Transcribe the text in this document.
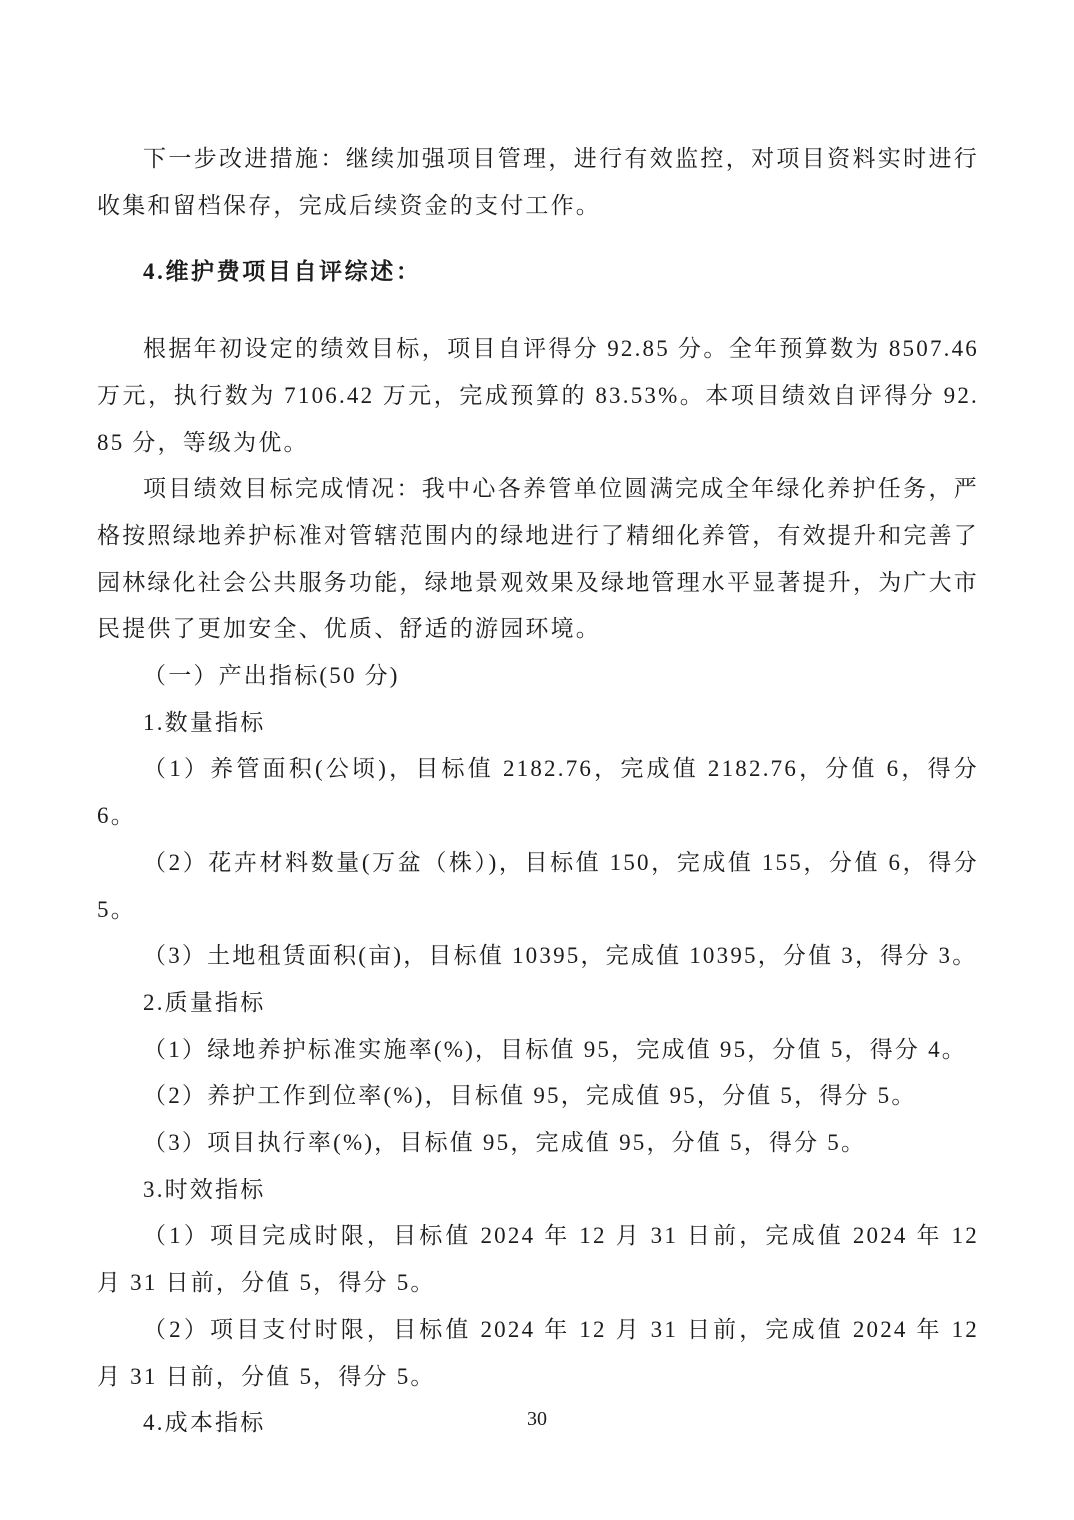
下一步改进措施：继续加强项目管理，进行有效监控，对项目资料实时进行收集和留档保存，完成后续资金的支付工作。

4.维护费项目自评综述：

根据年初设定的绩效目标，项目自评得分 92.85 分。全年预算数为 8507.46 万元，执行数为 7106.42 万元，完成预算的 83.53%。本项目绩效自评得分 92.85 分，等级为优。

项目绩效目标完成情况：我中心各养管单位圆满完成全年绿化养护任务，严格按照绿地养护标准对管辖范围内的绿地进行了精细化养管，有效提升和完善了园林绿化社会公共服务功能，绿地景观效果及绿地管理水平显著提升，为广大市民提供了更加安全、优质、舒适的游园环境。

（一）产出指标(50 分)

1.数量指标

（1）养管面积(公顷)，目标值 2182.76，完成值 2182.76，分值 6，得分 6。

（2）花卉材料数量(万盆（株）)，目标值 150，完成值 155，分值 6，得分 5。

（3）土地租赁面积(亩)，目标值 10395，完成值 10395，分值 3，得分 3。

2.质量指标

（1）绿地养护标准实施率(%)，目标值 95，完成值 95，分值 5，得分 4。

（2）养护工作到位率(%)，目标值 95，完成值 95，分值 5，得分 5。

（3）项目执行率(%)，目标值 95，完成值 95，分值 5，得分 5。

3.时效指标

（1）项目完成时限，目标值 2024 年 12 月 31 日前，完成值 2024 年 12 月 31 日前，分值 5，得分 5。

（2）项目支付时限，目标值 2024 年 12 月 31 日前，完成值 2024 年 12 月 31 日前，分值 5，得分 5。

4.成本指标	30
